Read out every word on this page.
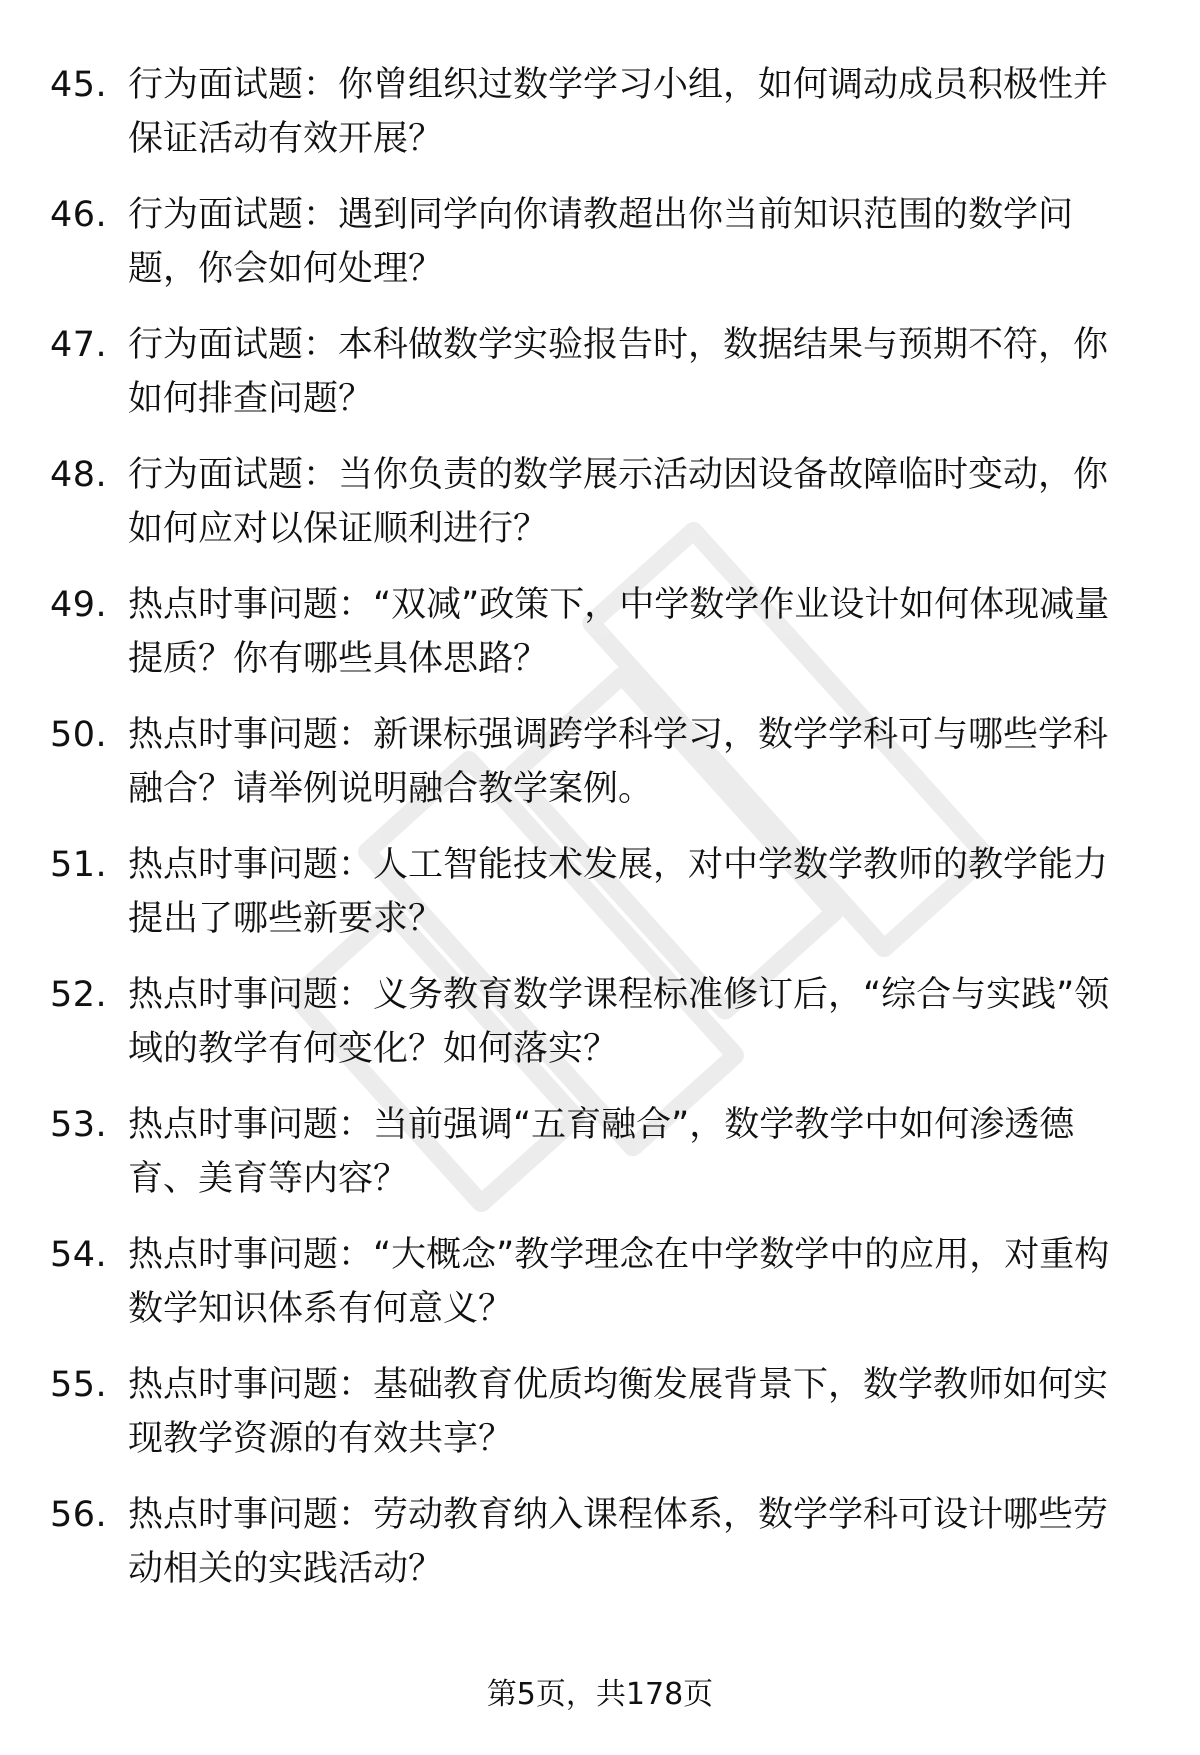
45. 行为面试题：你曾组织过数学学习小组，如何调动成员积极性并保证活动有效开展？
46. 行为面试题：遇到同学向你请教超出你当前知识范围的数学问题，你会如何处理？
47. 行为面试题：本科做数学实验报告时，数据结果与预期不符，你如何排查问题？
48. 行为面试题：当你负责的数学展示活动因设备故障临时变动，你如何应对以保证顺利进行？
49. 热点时事问题：“双减”政策下，中学数学作业设计如何体现减量提质？你有哪些具体思路？
50. 热点时事问题：新课标强调跨学科学习，数学学科可与哪些学科融合？请举例说明融合教学案例。
51. 热点时事问题：人工智能技术发展，对中学数学教师的教学能力提出了哪些新要求？
52. 热点时事问题：义务教育数学课程标准修订后，“综合与实践”领域的教学有何变化？如何落实？
53. 热点时事问题：当前强调“五育融合”，数学教学中如何渗透德育、美育等内容？
54. 热点时事问题：“大概念”教学理念在中学数学中的应用，对重构数学知识体系有何意义？
55. 热点时事问题：基础教育优质均衡发展背景下，数学教师如何实现教学资源的有效共享？
56. 热点时事问题：劳动教育纳入课程体系，数学学科可设计哪些劳动相关的实践活动？
第5页，共178页
